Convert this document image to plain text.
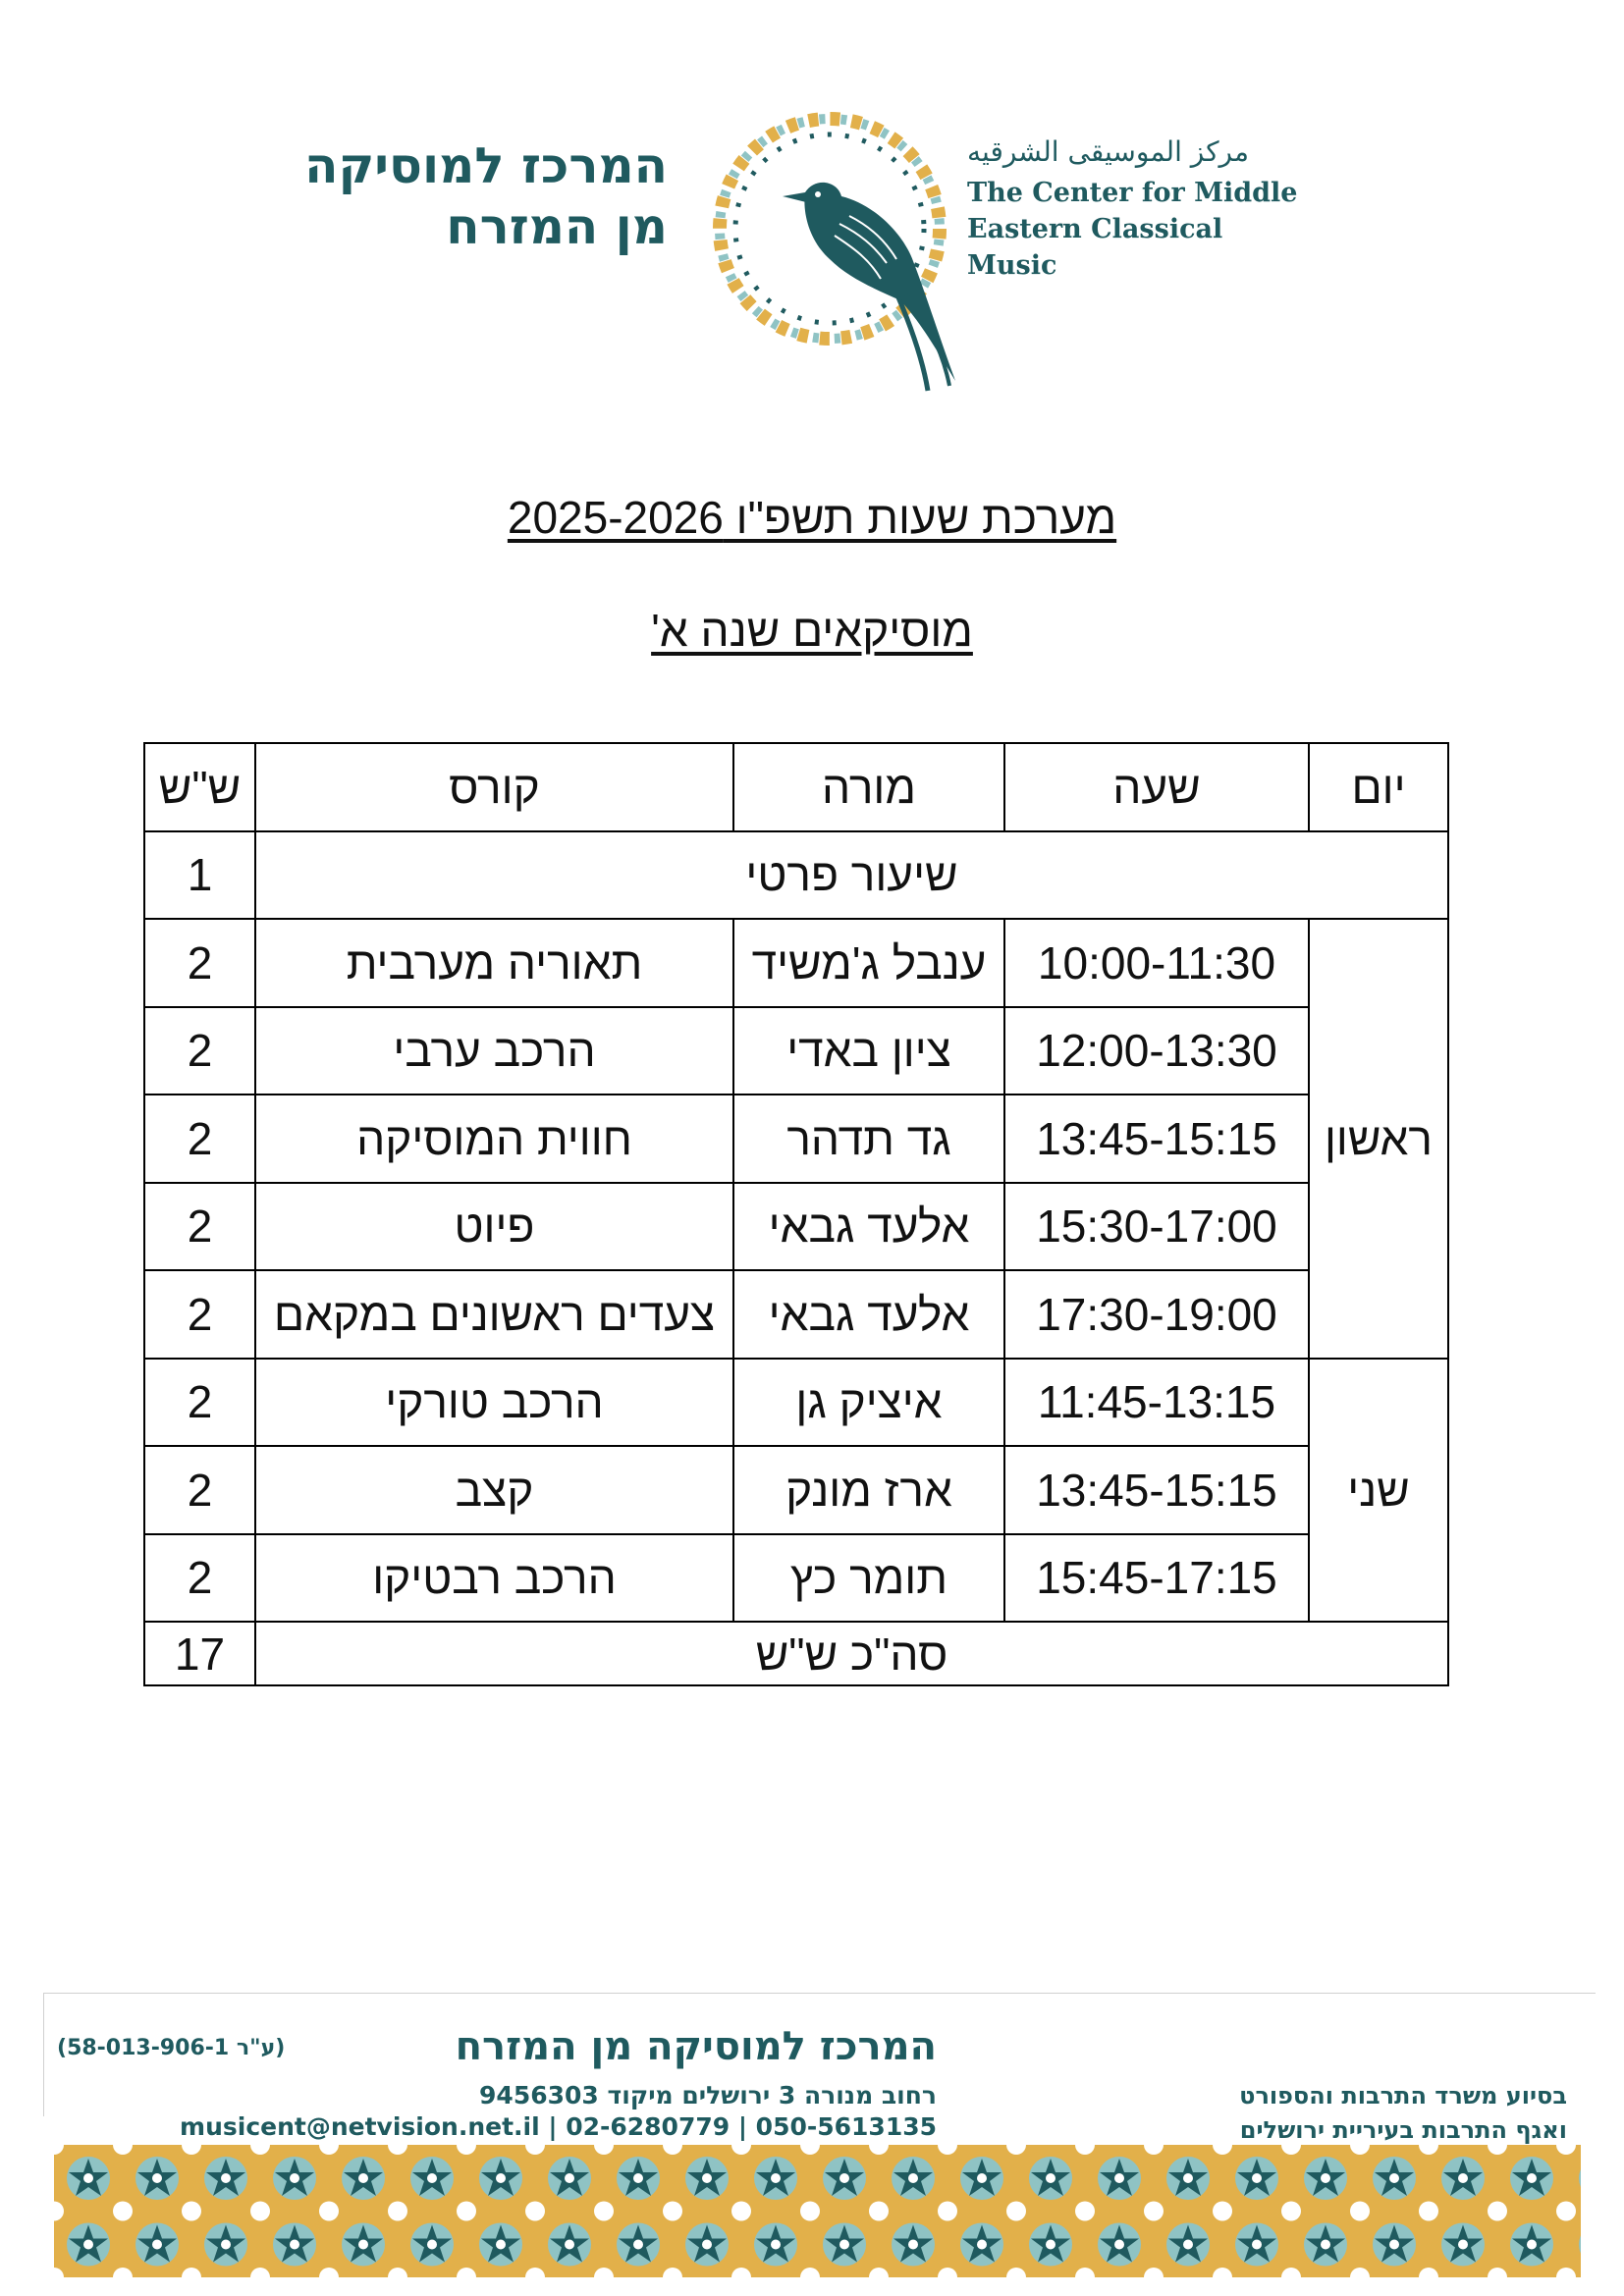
המרכז למוסיקה מן המזרח
مركز الموسيقى الشرقيه
The Center for Middle
Eastern Classical Music
מערכת שעות תשפ"ו 2025-2026
מוסיקאים שנה א'
יום	שעה	מורה	קורס	ש"ש
שיעור פרטי				1
ראשון	10:00-11:30	ענבל ג'משיד	תאוריה מערבית	2
	12:00-13:30	ציון באדי	הרכב ערבי	2
	13:45-15:15	גד תדהר	חווית המוסיקה	2
	15:30-17:00	אלעד גבאי	פיוט	2
	17:30-19:00	אלעד גבאי	צעדים ראשונים במקאם	2
שני	11:45-13:15	איציק גן	הרכב טורקי	2
	13:45-15:15	ארז מונק	קצב	2
	15:45-17:15	תומר כץ	הרכב רבטיקו	2
סה"כ ש"ש				17
(ע"ר 58-013-906-1)	המרכז למוסיקה מן המזרח
רחוב מנורה 3 ירושלים מיקוד 9456303
musicent@netvision.net.il | 02-6280779 | 050-5613135
בסיוע משרד התרבות והספורט
ואגף התרבות בעיריית ירושלים
